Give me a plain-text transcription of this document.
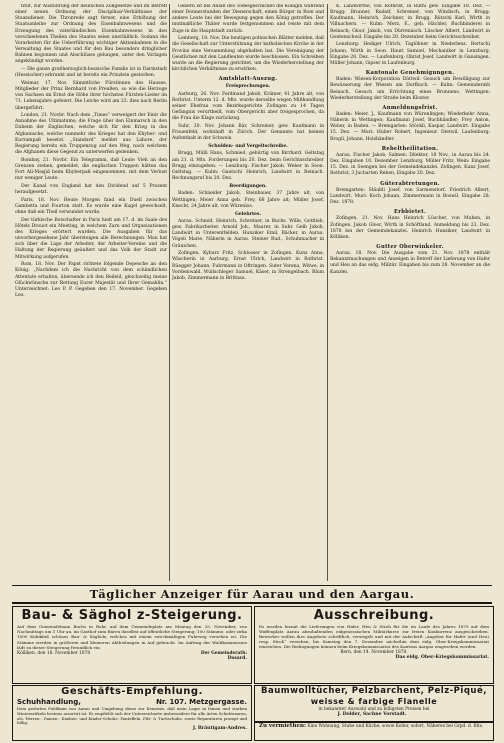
titut, zur Ausführung der deutschen Zollgesetze und im Betreff einer neuen Ordnung der Disciplinar-Verhältnisse der Staatsdiener. Die Thronrede sagt ferner, eine Erhöhung der Staatsanleihe zur Ordnung des Eisenbahnwesens und die Erzeugung des vaterländischen Eisenbahnwesens in den verschiedenen Theilen des Staates seien unerläßlich. Sodann die Vorarbeiten für die Ueberführung wichtiger Aktienbahnen in die Verwaltung des Staates und für den Bau besonders dringlicher Bahnen begonnen und Abschlüsse gelungen, unter den Vorlagen angekündigt worden.

— Die ganze großherzoglich-hessische Familie ist in Darmstadt (Hessischer) erkrankt und ist bereits ein Prinzlein gestorben.

Weimar, 17. Nov. Sämmtliche Fürstinnen des Hauses, Mitglieder der Prinz Bernhard von Preußen, so wie die Herzoge von Sachsen im Ernst die Höhe ihrer höchsten Fürsten-Lieder im 71. Lebensjahre gefeiert. Die Leiche wird am 23. dies nach Berlin übergeführt.

London, 21. Novbr. Nach dem „Times“ verweigert der Emir die Annahme des Ultimatums; die Frage über den Einmarsch in den Daheim der Englischen, welche sich für den Krieg in das Afghanische, welche nunmehr des Krieges hat den Khyber- und Kurrampaß besetzt. „Standard“ meldet aus Lahore, der Regierung bereits ein Truppenzug auf den Weg, nach welchem die Afghanen diese Gegend zu unterwerfen gedenken.

Bombay, 21. Novbr. Ein Telegramm, daß Leute Vieh an den Grenzen stehen, gemeldet, die englischen Truppen hätten das Fort Ali-Masjid beim Khyberpaß eingenommen, mit dem Verlust nur weniger Leute.

Der Kanal von England hat den Dividend auf 5 Prozent heraufgesetzt.

Paris, 18. Nov. Heute Morgen fand ein Duell zwischen Gambetta und Fourton statt. Es wurde eine Kugel gewechselt, ohne daß ein Theil verwundet wurde.

Der türkische Botschafter in Paris hielt am 17. d. im Saale des Hôtels Drouot ein Meeting, in welchem Zarn und Organisationen des Krieges erörtert wurden. Die Ausgaben für das unvorhergesehene Jahr übersteigen alle Berechnungen. Man hat sich über die Lage der Arbeiter, der Arbeiter-Vereine und die Haltung der Regierung geäußert und das Volk der Stadt zur Mitwirkung aufgerufen.

Rom, 18. Nov. Der Papst richtete folgende Depesche an den König: „Nachdem ich die Nachricht von dem schändlichen Attentate erhalten, übersende ich den Beileid, gleichzeitig meine Glückwünsche zur Rettung Eurer Majestät und Ihrer Gemahlin.“ Unterzeichnet: Leo P. P. Gegeben den 17. November. Gegeben Leo.

Gebern ist bei Anlaß des Todesgeschickes die Königin während einer Donnerstunden der Dienerschaft, einen Bürger in Rom und andere Leute bei der Bewegung gegen den König getroffen. Der mutmaßliche Thäter wurde festgenommen und reiste mit dem Zuge in die Hauptstadt zurück.

Lemberg, 18. Nov. Die heutigen polnischen Blätter melden, daß die Gesellschaft zur Unterstützung der katholischen Kirche in der Provinz eine Versammlung abgehalten hat. Die Vereinigung der Geistlichen mit den Landleuten wurde beschlossen. Ein Schreiben wurde an die Regierung gerichtet, um die Wiederherstellung der kirchlichen Verhältnisse zu erwirken.

Amtsblatt-Auszug.
Freisprechungen.

Aarburg, 26. Nov. Ferdinand Jakob, Krämer, 41 Jahre alt, von Rothrist. Unterm 12. d. Mts. wurde derselbe wegen Mißhandlung seiner Ehefrau vom Bezirksgerichte Zofingen zu 14 Tagen Gefängnis verurtheilt, vom Obergericht aber freigesprochen, da die Frau die Klage zurückzog.

Suhr, 20. Nov. Johann Bär, Schreiner, gew. Kaufmann in Frauenfeld, wohnhaft in Zürich. Der Genannte hat keinen Aufenthalt in der Schweiz.

Schulden- und Vergeltschreibe.

Brugg, Mülli Hans, Schmied, gebürtig von Birrhard. Geltstag am 21. d. Mts. Forderungen bis 20. Dez. beim Gerichtsschreiber Brugg einzugeben. — Lenzburg: Fischer Jakob, Weber in Seon. Geltstag. — Kulm: Gautschi Heinrich, Landwirt in Reinach. Rechnungsruf bis 20. Dez.

Beerdigungen.

Baden: Schneider Jakob, Steinhauer, 37 Jahre alt, von Wettingen; Meier Anna geb. Frey, 68 Jahre alt; Müller Josef, Knecht, 24 Jahre alt, von Würenlos.

Gelehrtes.

Aarau. Schmid, Heinrich, Schreiner, in Buchs. Wille, Gottlieb, gew. Fabrikarbeiter. Arnold Joh., Maurer, in Suhr. Gelb Jakob, Landwirt in Unterentfelden. Hunziker Emil, Bäcker, in Aarau. Vögeli Marie, Näherin in Aarau. Steiner Rud., Schuhmacher in Gränichen.

Zofingen. Kyburz Fritz, Schlosser in Zofingen. Kunz Anna, Wäscherin in Aarburg. Ernst Ulrich, Landwirt in Rothrist. Rüegger Johann, Fuhrmann in Oftringen. Suter Verena, Witwe, in Vordemwald. Wullschleger Samuel, Käser, in Strengelbach. Blum Jakob, Zimmermann in Brittnau.

K. Landwirthe, von Rothrist, in Rüthi gew. Eingabe 18. Dez. — Brugg: Brunner, Rudolf, Schreiner, von Windisch, in Brugg. Kaufmann, Heinrich, Zeichner, in Brugg. Rütschi Karl, Wirth in Villnachern. — Kulm: Merz, E., geb. Hächler, Buchbinderei in Reinach; Gloor, Jakob, von Dürrenäsch. Lüscher Albert, Landwirt in Gontenschwil. Eingabe bis 20. Dezember beim Gerichtsschreiber.

Lenzburg: Hediger Ulrich, Taglöhner in Niederlenz. Bertschi Johann, Wirth in Seon. Hauri Samuel, Mechaniker in Lenzburg. Eingabe 28. Dez. — Laufenburg: Obrist Josef, Landwirt in Gansingen. Müller Johann, Gipser in Laufenburg.

Kantonale Genehmigungen.

Baden: Wiesen-Korporation Dättwil: Gesuch um Bewilligung zur Bewässerung der Wiesen am Dorfbach. — Kulm: Gemeinderath Reinach, Gesuch um Errichtung eines Brunnens. Wettingen: Wiederherstellung der Straße beim Kloster.

Anmeldungsfrist.

Baden: Meier, J., Kaufmann von Würenlingen; Wiederkehr Anna, Näherin in Wettingen; Kaufmann Josef, Buchhändler; Frey Anton, Weber, in Baden. — Bremgarten: Stöckli, Kaspar, Landwirt. Eingabe 15. Dez. — Muri: Huber Robert, Ingenieur. Dietwil. Laufenburg: Brogli, Johann, Holzhändler.

Rebeltheilitation.

Aarau. Fischer Jakob, Salmen: Dilekter, 18 Nov., in Aarau bis 24. Dez. Eingaben 10. Dezember. Lenzburg, Müller Fritz, Wein: Eingabe 15. Dez. in Seengen bei der Gemeindekanzlei. Zofingen, Kunz Josef, Rothrist, 3 Jucharten Reben, Eingabe 20. Dez.

Güterabtretungen.

Bremgarten: Stäubli Josef, von Sarmenstorf. Friedrich Albert, Landwirt. Muri: Koch Johann, Zimmermann in Boswil. Eingabe 28. Dez. 1878.

Erbbietet.

Zofingen, 21. Nov. Hans Heinrich Lüscher, von Muhen, in Zofingen. Jakob Gloor, Wirth in Schöftland. Anmeldung bis 23. Dez. 1878 bei der Gemeindekanzlei. Heinrich Hunziker, Landwirt in Kölliken.

Gutter Oberwinkeler.

Aarau, 18. Nov. Die Ausgabe vom 21. Nov. 1878 enthält Bekanntmachungen und Anzeigen in Betreff der Lieferung von Hafer und Heu an das eidg. Militär. Eingaben bis zum 28. November an die Kanzlei.

Täglicher Anzeiger für Aarau und den Aargau.
Bau- & Säghol z-Steigerung.
Auf dem Gemeindebann Buchs in Rohr, auf dem Gemeindeplatz am Montag den 25. November, von Nachmittags um 1 Uhr an, im Gasthof zum Bären daselbst auf öffentliche Steigerung: 100 Stämme, oder zirka 1000 Kubikfuß schönes Bau- & Sägholz, welches mit einem zweckmäßigen Fuhrweg versehen ist. Die Stämme werden in größeren und kleineren Abtheilungen in Auf gebracht. Im Auftrag der Waldkommission lädt zu dieser Steigerung freundlich ein
Kölliken, den 18. November 1878	Der Gemeinderath:
Dssard.
Ausschreibung.
Es werden hiemit die Lieferungen von Hafer, Heu & Stroh für die im Laufe des Jahres 1879 auf dem Waffenplatz Aarau abzuhaltenden eidgenössischen Militärkurse zur freien Konkurrenz ausgeschrieben. Bewerber wollen ihre Angebote schriftlich, versiegelt und mit der Aufschrift „Angebot für Hafer (und Heu) resp. Stroh“ versehen, bis Samstag den 7. Dezember nächsthin dem eidg. Ober-Kriegskommissariat einreichen. Die Bedingungen können beim Kriegskommissariat des Kantons Aargau eingesehen werden.
Bern, den 14. November 1878.
Das eidg. Ober-Kriegskommissariat.
Geschäfts-Empfehlung.
Schuhhandlung,	Nr. 107. Metzgergasse.
Dem geehrten Publikum von Aarau und Umgebung diene zur Kenntnis, daß mein Lager in feinen und starken Winterartikeln bestens assortirt ist. Es empfiehlt sich der Unterzeichnete insbesondere für alle Arten Schuhwaaren, als: Herren-, Damen-, Knaben- und Kinder-Schuhe, Pantoffeln, Filz- & Tuchschuhe, sowie Reparaturen prompt und billig.
J. Bräutigam-Andres.
Baumwolltücher, Pelzbarchent, Pelz-Piqué,
weisse & farbige Flanelle
in bekannter Auswahl und zu billigsten Preisen bei
J. Dolder, Sachne Vorstadt.
Zu vermiethen: Eine Wohnung, Stube und Küche; sowie Keller, sofort. Näheres bei Grpd. d. Blts.
